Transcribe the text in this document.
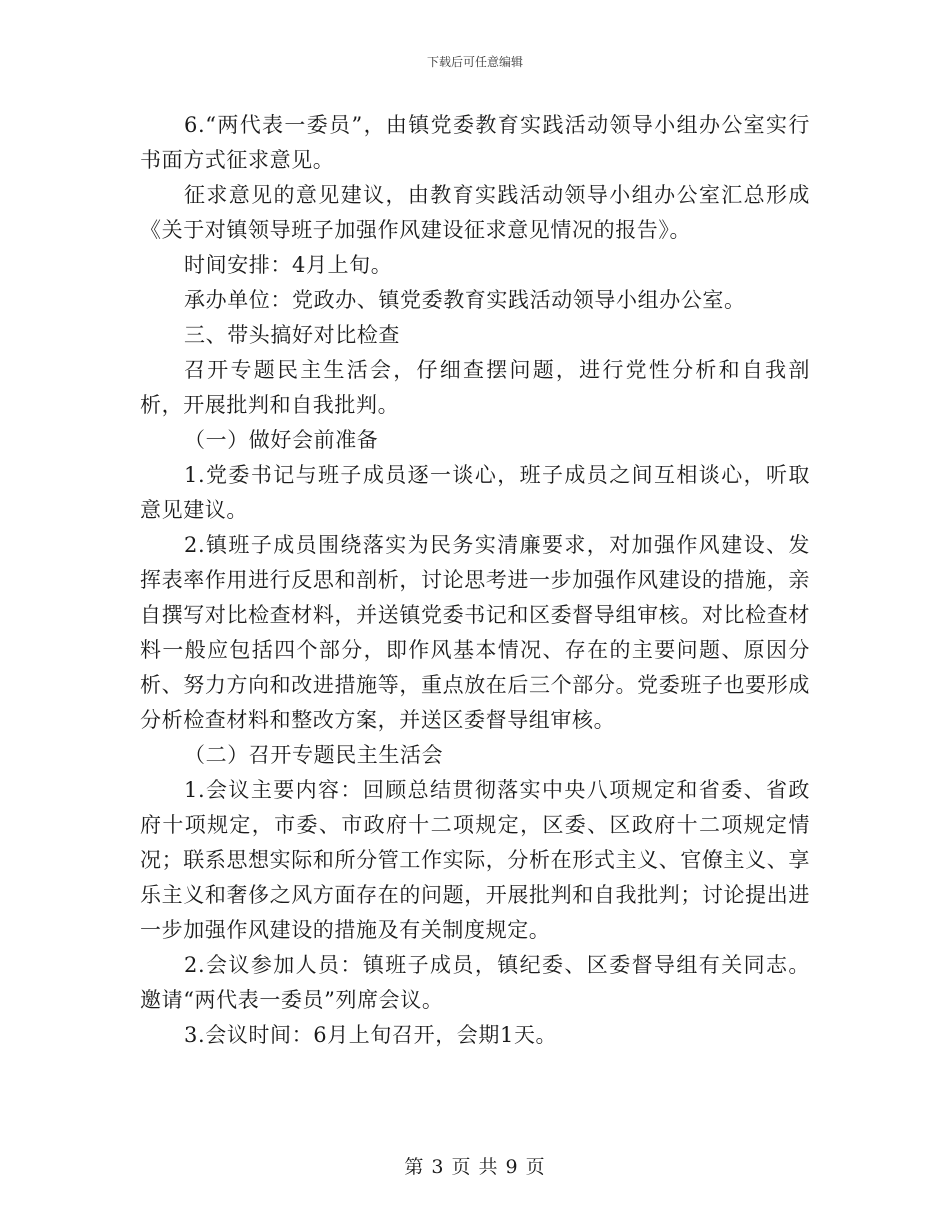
下载后可任意编辑

6.“两代表一委员”，由镇党委教育实践活动领导小组办公室实行书面方式征求意见。

征求意见的意见建议，由教育实践活动领导小组办公室汇总形成《关于对镇领导班子加强作风建设征求意见情况的报告》。

时间安排：4月上旬。

承办单位：党政办、镇党委教育实践活动领导小组办公室。

三、带头搞好对比检查

召开专题民主生活会，仔细查摆问题，进行党性分析和自我剖析，开展批判和自我批判。

（一）做好会前准备

1.党委书记与班子成员逐一谈心，班子成员之间互相谈心，听取意见建议。

2.镇班子成员围绕落实为民务实清廉要求，对加强作风建设、发挥表率作用进行反思和剖析，讨论思考进一步加强作风建设的措施，亲自撰写对比检查材料，并送镇党委书记和区委督导组审核。对比检查材料一般应包括四个部分，即作风基本情况、存在的主要问题、原因分析、努力方向和改进措施等，重点放在后三个部分。党委班子也要形成分析检查材料和整改方案，并送区委督导组审核。

（二）召开专题民主生活会

1.会议主要内容：回顾总结贯彻落实中央八项规定和省委、省政府十项规定，市委、市政府十二项规定，区委、区政府十二项规定情况；联系思想实际和所分管工作实际，分析在形式主义、官僚主义、享乐主义和奢侈之风方面存在的问题，开展批判和自我批判；讨论提出进一步加强作风建设的措施及有关制度规定。

2.会议参加人员：镇班子成员，镇纪委、区委督导组有关同志。邀请“两代表一委员”列席会议。

3.会议时间：6月上旬召开，会期1天。

第 3 页 共 9 页
